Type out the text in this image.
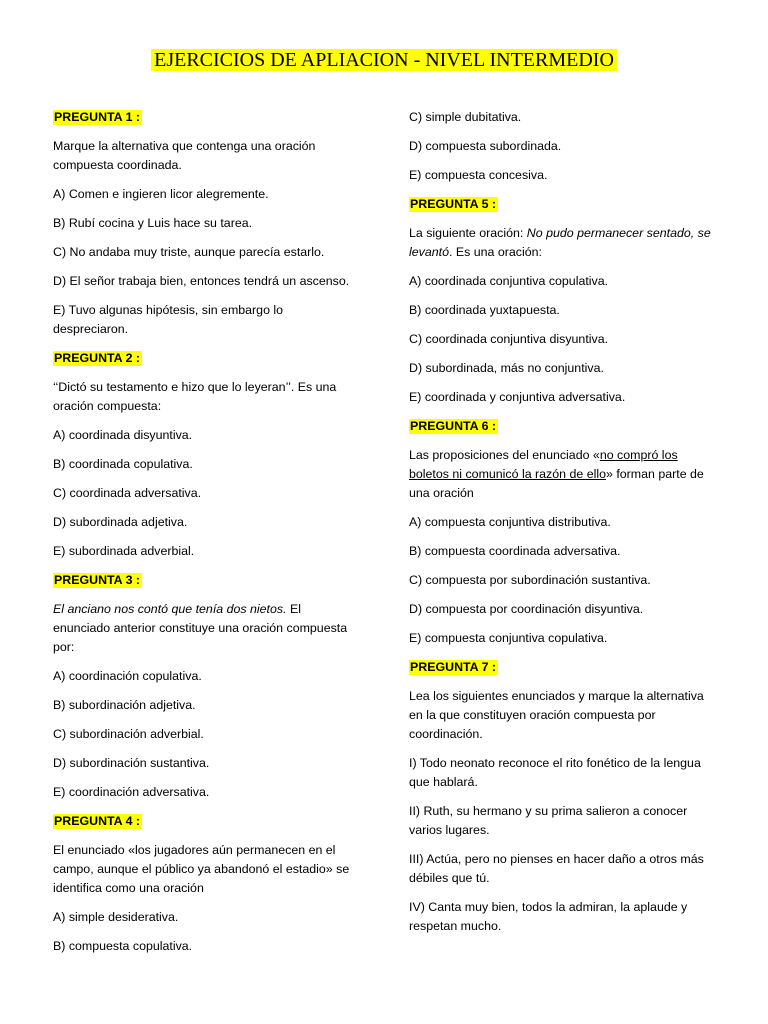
EJERCICIOS DE APLIACION - NIVEL INTERMEDIO

PREGUNTA 1 :

Marque la alternativa que contenga una oración compuesta coordinada.

A) Comen e ingieren licor alegremente.

B) Rubí cocina y Luis hace su tarea.

C) No andaba muy triste, aunque parecía estarlo.

D) El señor trabaja bien, entonces tendrá un ascenso.

E) Tuvo algunas hipótesis, sin embargo lo despreciaron.

PREGUNTA 2 :

‘‘Dictó su testamento e hizo que lo leyeran’’. Es una oración compuesta:

A) coordinada disyuntiva.

B) coordinada copulativa.

C) coordinada adversativa.

D) subordinada adjetiva.

E) subordinada adverbial.

PREGUNTA 3 :

El anciano nos contó que tenía dos nietos. El enunciado anterior constituye una oración compuesta por:

A) coordinación copulativa.

B) subordinación adjetiva.

C) subordinación adverbial.

D) subordinación sustantiva.

E) coordinación adversativa.

PREGUNTA 4 :

El enunciado «los jugadores aún permanecen en el campo, aunque el público ya abandonó el estadio» se identifica como una oración

A) simple desiderativa.

B) compuesta copulativa.

C) simple dubitativa.

D) compuesta subordinada.

E) compuesta concesiva.

PREGUNTA 5 :

La siguiente oración: No pudo permanecer sentado, se levantó. Es una oración:

A) coordinada conjuntiva copulativa.

B) coordinada yuxtapuesta.

C) coordinada conjuntiva disyuntiva.

D) subordinada, más no conjuntiva.

E) coordinada y conjuntiva adversativa.

PREGUNTA 6 :

Las proposiciones del enunciado «no compró los boletos ni comunicó la razón de ello» forman parte de una oración

A) compuesta conjuntiva distributiva.

B) compuesta coordinada adversativa.

C) compuesta por subordinación sustantiva.

D) compuesta por coordinación disyuntiva.

E) compuesta conjuntiva copulativa.

PREGUNTA 7 :

Lea los siguientes enunciados y marque la alternativa en la que constituyen oración compuesta por coordinación.

I) Todo neonato reconoce el rito fonético de la lengua que hablará.

II) Ruth, su hermano y su prima salieron a conocer varios lugares.

III) Actúa, pero no pienses en hacer daño a otros más débiles que tú.

IV) Canta muy bien, todos la admiran, la aplaude y respetan mucho.
